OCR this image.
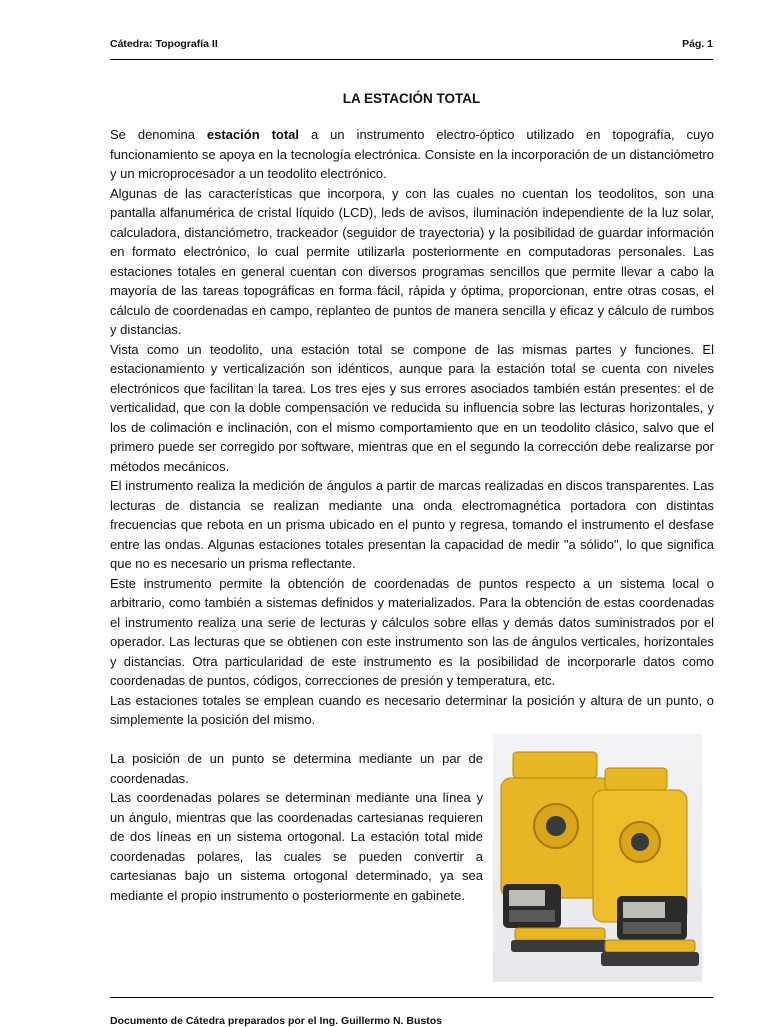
Cátedra: Topografía II	Pág. 1
LA ESTACIÓN TOTAL

Se denomina estación total a un instrumento electro-óptico utilizado en topografía, cuyo funcionamiento se apoya en la tecnología electrónica. Consiste en la incorporación de un distanciómetro y un microprocesador a un teodolito electrónico.

Algunas de las características que incorpora, y con las cuales no cuentan los teodolitos, son una pantalla alfanumérica de cristal líquido (LCD), leds de avisos, iluminación independiente de la luz solar, calculadora, distanciómetro, trackeador (seguidor de trayectoria) y la posibilidad de guardar información en formato electrónico, lo cual permite utilizarla posteriormente en computadoras personales. Las estaciones totales en general cuentan con diversos programas sencillos que permite llevar a cabo la mayoría de las tareas topográficas en forma fácil, rápida y óptima, proporcionan, entre otras cosas, el cálculo de coordenadas en campo, replanteo de puntos de manera sencilla y eficaz y cálculo de rumbos y distancias.

Vista como un teodolito, una estación total se compone de las mismas partes y funciones. El estacionamiento y verticalización son idénticos, aunque para la estación total se cuenta con niveles electrónicos que facilitan la tarea. Los tres ejes y sus errores asociados también están presentes: el de verticalidad, que con la doble compensación ve reducida su influencia sobre las lecturas horizontales, y los de colimación e inclinación, con el mismo comportamiento que en un teodolito clásico, salvo que el primero puede ser corregido por software, mientras que en el segundo la corrección debe realizarse por métodos mecánicos.

El instrumento realiza la medición de ángulos a partir de marcas realizadas en discos transparentes. Las lecturas de distancia se realizan mediante una onda electromagnética portadora con distintas frecuencias que rebota en un prisma ubicado en el punto y regresa, tomando el instrumento el desfase entre las ondas. Algunas estaciones totales presentan la capacidad de medir "a sólido", lo que significa que no es necesario un prisma reflectante.

Este instrumento permite la obtención de coordenadas de puntos respecto a un sistema local o arbitrario, como también a sistemas definidos y materializados. Para la obtención de estas coordenadas el instrumento realiza una serie de lecturas y cálculos sobre ellas y demás datos suministrados por el operador. Las lecturas que se obtienen con este instrumento son las de ángulos verticales, horizontales y distancias. Otra particularidad de este instrumento es la posibilidad de incorporarle datos como coordenadas de puntos, códigos, correcciones de presión y temperatura, etc.

Las estaciones totales se emplean cuando es necesario determinar la posición y altura de un punto, o simplemente la posición del mismo.

La posición de un punto se determina mediante un par de coordenadas.

Las coordenadas polares se determinan mediante una línea y un ángulo, mientras que las coordenadas cartesianas requieren de dos líneas en un sistema ortogonal. La estación total mide coordenadas polares, las cuales se pueden convertir a cartesianas bajo un sistema ortogonal determinado, ya sea mediante el propio instrumento o posteriormente en gabinete.

Documento de Cátedra preparados por el Ing. Guillermo N. Bustos
